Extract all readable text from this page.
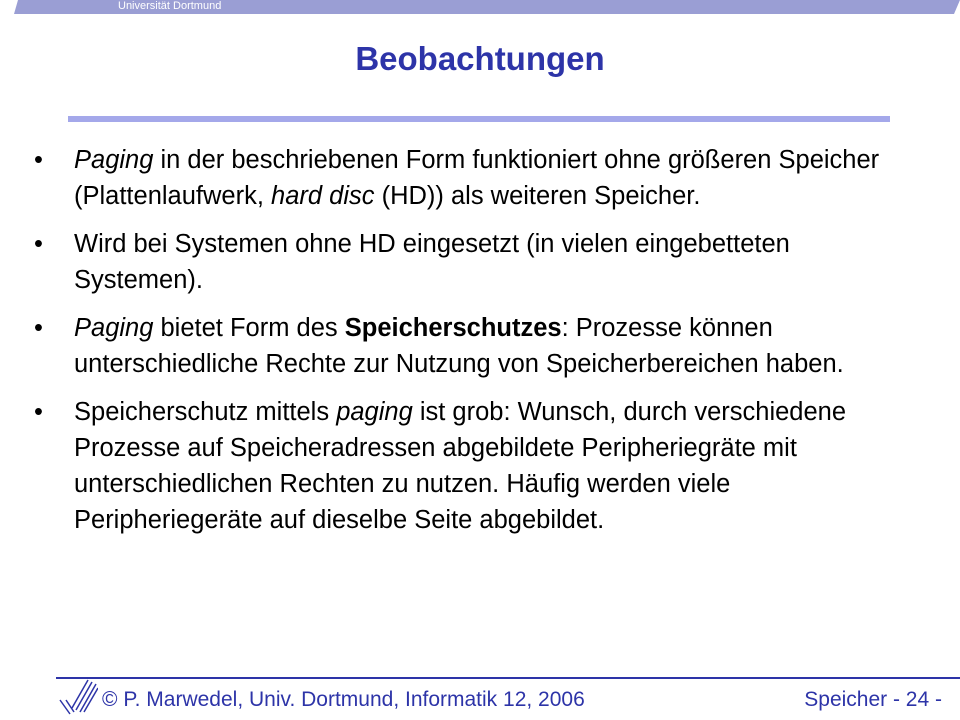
Universität Dortmund
Beobachtungen
• Paging in der beschriebenen Form funktioniert ohne größeren Speicher (Plattenlaufwerk, hard disc (HD)) als weiteren Speicher.
• Wird bei Systemen ohne HD eingesetzt (in vielen eingebetteten Systemen).
• Paging bietet Form des Speicherschutzes: Prozesse können unterschiedliche Rechte zur Nutzung von Speicherbereichen haben.
• Speicherschutz mittels paging ist grob: Wunsch, durch verschiedene Prozesse auf Speicheradressen abgebildete Peripheriegräte mit unterschiedlichen Rechten zu nutzen. Häufig werden viele Peripheriegeräte auf dieselbe Seite abgebildet.
© P. Marwedel, Univ. Dortmund, Informatik 12, 2006	Speicher - 24 -
